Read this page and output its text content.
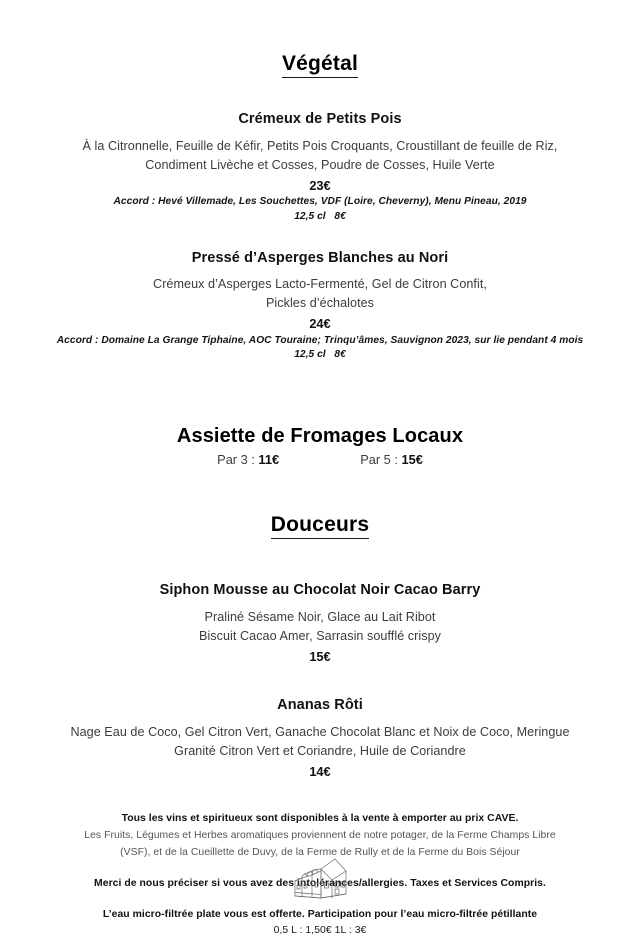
Végétal
Crémeux de Petits Pois
À la Citronnelle, Feuille de Kéfir, Petits Pois Croquants, Croustillant de feuille de Riz,
Condiment Livèche et Cosses, Poudre de Cosses, Huile Verte
23€
Accord : Hevé Villemade, Les Souchettes, VDF (Loire, Cheverny), Menu Pineau, 2019
12,5 cl 8€
Pressé d’Asperges Blanches au Nori
Crémeux d’Asperges Lacto-Fermenté, Gel de Citron Confit,
Pickles d’échalotes
24€
Accord : Domaine La Grange Tiphaine, AOC Touraine; Trinqu’âmes, Sauvignon 2023, sur lie pendant 4 mois
12,5 cl 8€
Assiette de Fromages Locaux
Par 3 : 11€	Par 5 : 15€
Douceurs
Siphon Mousse au Chocolat Noir Cacao Barry
Praliné Sésame Noir, Glace au Lait Ribot
Biscuit Cacao Amer, Sarrasin soufflé crispy
15€
Ananas Rôti
Nage Eau de Coco, Gel Citron Vert, Ganache Chocolat Blanc et Noix de Coco, Meringue
Granité Citron Vert et Coriandre, Huile de Coriandre
14€
Tous les vins et spiritueux sont disponibles à la vente à emporter au prix CAVE.
Les Fruits, Légumes et Herbes aromatiques proviennent de notre potager, de la Ferme Champs Libre
(VSF), et de la Cueillette de Duvy, de la Ferme de Rully et de la Ferme du Bois Séjour
Merci de nous préciser si vous avez des intolérances/allergies. Taxes et Services Compris.
L’eau micro-filtrée plate vous est offerte. Participation pour l’eau micro-filtrée pétillante
0,5 L : 1,50€ 1L : 3€
